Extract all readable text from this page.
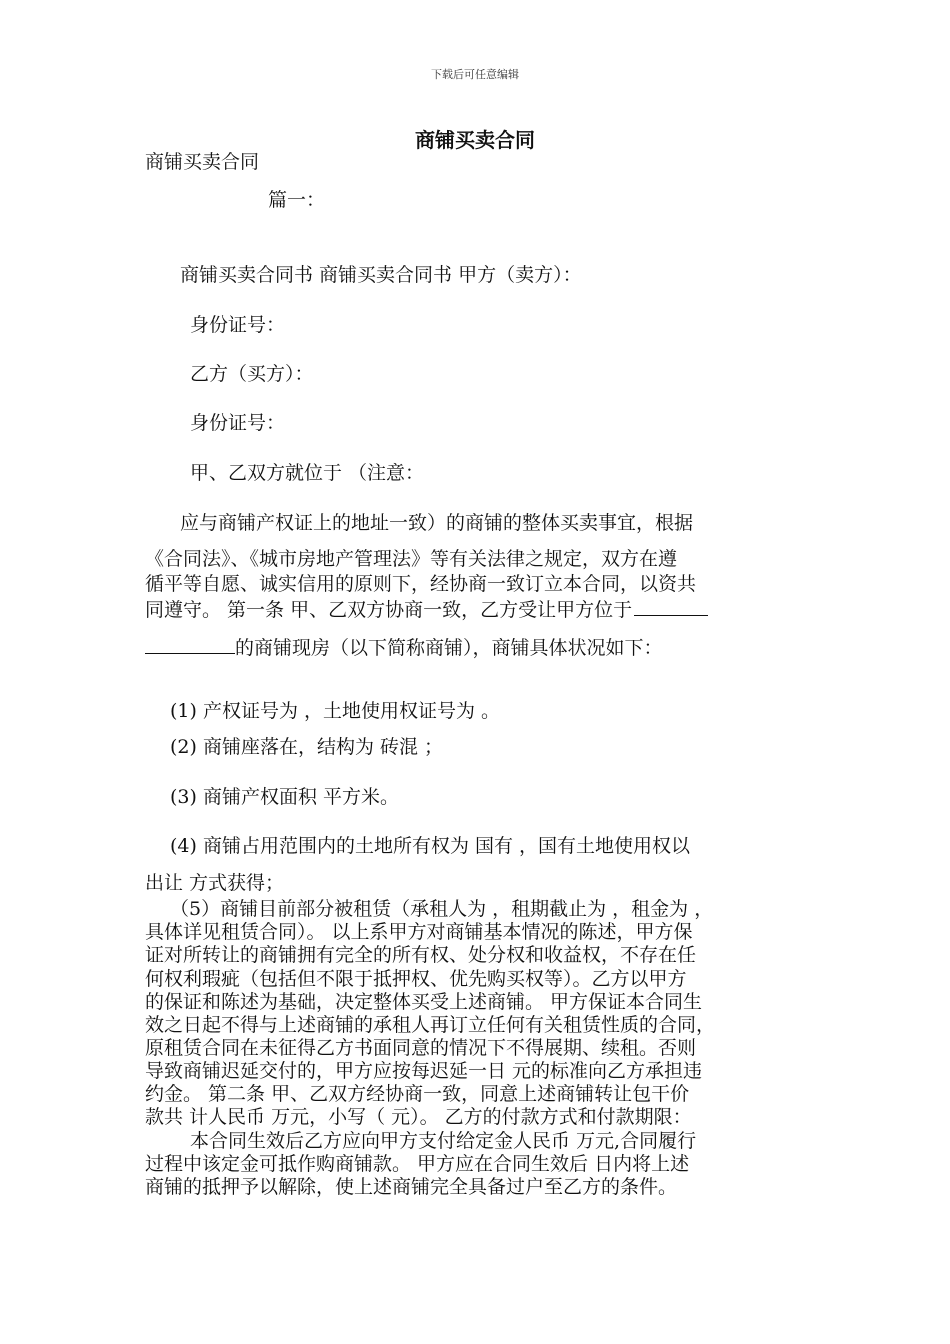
下载后可任意编辑
商铺买卖合同
商铺买卖合同
篇一：
商铺买卖合同书 商铺买卖合同书 甲方（卖方）：
身份证号：
乙方（买方）：
身份证号：
甲、乙双方就位于 （注意：
应与商铺产权证上的地址一致）的商铺的整体买卖事宜，根据
《合同法》、《城市房地产管理法》等有关法律之规定，双方在遵
循平等自愿、诚实信用的原则下，经协商一致订立本合同，以资共
同遵守。 第一条 甲、乙双方协商一致，乙方受让甲方位于
的商铺现房（以下简称商铺），商铺具体状况如下：
(1) 产权证号为 ，土地使用权证号为 。
(2) 商铺座落在，结构为 砖混 ；
(3) 商铺产权面积 平方米。
(4) 商铺占用范围内的土地所有权为 国有 ，国有土地使用权以
出让 方式获得；
（5）商铺目前部分被租赁（承租人为 ，租期截止为 ，租金为 ，
具体详见租赁合同）。 以上系甲方对商铺基本情况的陈述，甲方保
证对所转让的商铺拥有完全的所有权、处分权和收益权，不存在任
何权利瑕疵（包括但不限于抵押权、优先购买权等）。乙方以甲方
的保证和陈述为基础，决定整体买受上述商铺。 甲方保证本合同生
效之日起不得与上述商铺的承租人再订立任何有关租赁性质的合同，
原租赁合同在未征得乙方书面同意的情况下不得展期、续租。否则
导致商铺迟延交付的，甲方应按每迟延一日 元的标准向乙方承担违
约金。 第二条 甲、乙双方经协商一致，同意上述商铺转让包干价
款共 计人民币 万元，小写（ 元）。 乙方的付款方式和付款期限：
本合同生效后乙方应向甲方支付给定金人民币 万元,合同履行
过程中该定金可抵作购商铺款。 甲方应在合同生效后 日内将上述
商铺的抵押予以解除，使上述商铺完全具备过户至乙方的条件。
